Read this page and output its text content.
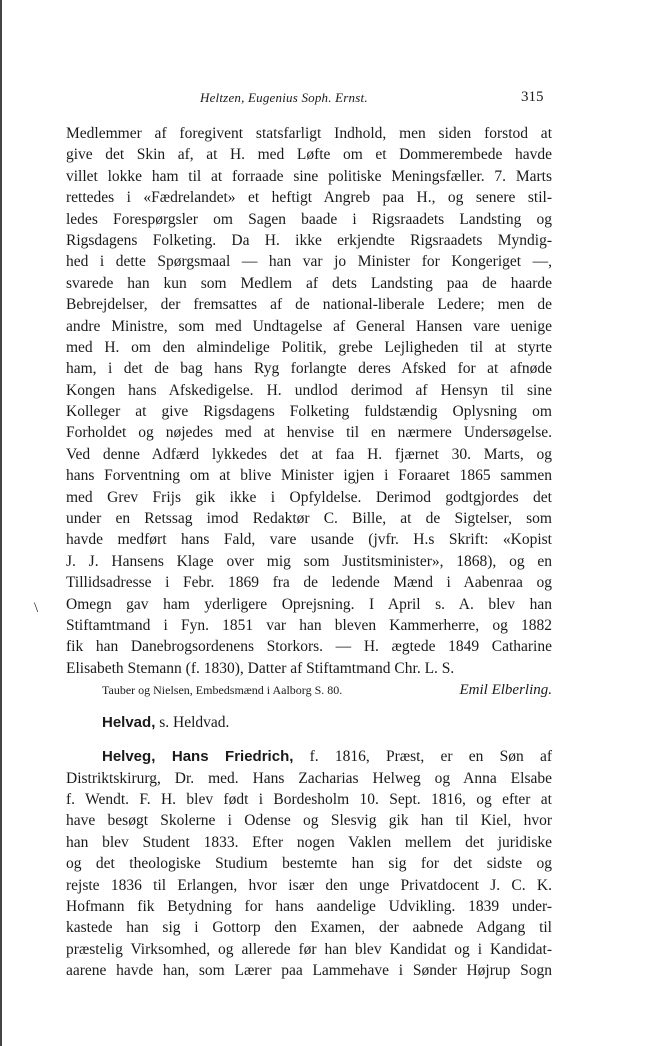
Heltzen, Eugenius Soph. Ernst.	315
\
Medlemmer af foregivent statsfarligt Indhold, men siden forstod at
give det Skin af, at H. med Løfte om et Dommerembede havde
villet lokke ham til at forraade sine politiske Meningsfæller. 7. Marts
rettedes i «Fædrelandet» et heftigt Angreb paa H., og senere stil-
ledes Forespørgsler om Sagen baade i Rigsraadets Landsting og
Rigsdagens Folketing. Da H. ikke erkjendte Rigsraadets Myndig-
hed i dette Spørgsmaal — han var jo Minister for Kongeriget —,
svarede han kun som Medlem af dets Landsting paa de haarde
Bebrejdelser, der fremsattes af de national-liberale Ledere; men de
andre Ministre, som med Undtagelse af General Hansen vare uenige
med H. om den almindelige Politik, grebe Lejligheden til at styrte
ham, i det de bag hans Ryg forlangte deres Afsked for at afnøde
Kongen hans Afskedigelse. H. undlod derimod af Hensyn til sine
Kolleger at give Rigsdagens Folketing fuldstændig Oplysning om
Forholdet og nøjedes med at henvise til en nærmere Undersøgelse.
Ved denne Adfærd lykkedes det at faa H. fjærnet 30. Marts, og
hans Forventning om at blive Minister igjen i Foraaret 1865 sammen
med Grev Frijs gik ikke i Opfyldelse. Derimod godtgjordes det
under en Retssag imod Redaktør C. Bille, at de Sigtelser, som
havde medført hans Fald, vare usande (jvfr. H.s Skrift: «Kopist
J. J. Hansens Klage over mig som Justitsminister», 1868), og en
Tillidsadresse i Febr. 1869 fra de ledende Mænd i Aabenraa og
Omegn gav ham yderligere Oprejsning. I April s. A. blev han
Stiftamtmand i Fyn. 1851 var han bleven Kammerherre, og 1882
fik han Danebrogsordenens Storkors. — H. ægtede 1849 Catharine
Elisabeth Stemann (f. 1830), Datter af Stiftamtmand Chr. L. S.
Tauber og Nielsen, Embedsmænd i Aalborg S. 80.	Emil Elberling.
Helvad, s. Heldvad.
Helveg, Hans Friedrich, f. 1816, Præst, er en Søn af
Distriktskirurg, Dr. med. Hans Zacharias Helweg og Anna Elsabe
f. Wendt. F. H. blev født i Bordesholm 10. Sept. 1816, og efter at
have besøgt Skolerne i Odense og Slesvig gik han til Kiel, hvor
han blev Student 1833. Efter nogen Vaklen mellem det juridiske
og det theologiske Studium bestemte han sig for det sidste og
rejste 1836 til Erlangen, hvor især den unge Privatdocent J. C. K.
Hofmann fik Betydning for hans aandelige Udvikling. 1839 under-
kastede han sig i Gottorp den Examen, der aabnede Adgang til
præstelig Virksomhed, og allerede før han blev Kandidat og i Kandidat-
aarene havde han, som Lærer paa Lammehave i Sønder Højrup Sogn
